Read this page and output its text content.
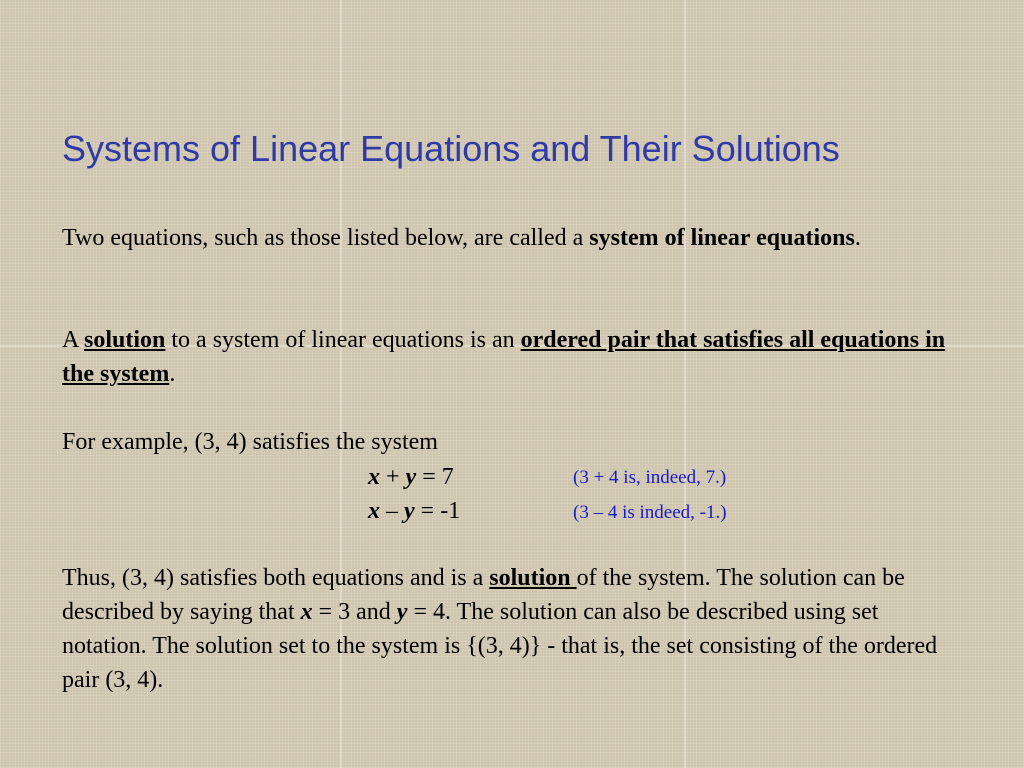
Systems of Linear Equations and Their Solutions

Two equations, such as those listed below, are called a system of linear equations.

A solution to a system of linear equations is an ordered pair that satisfies all equations in the system.

For example, (3, 4) satisfies the system

x + y = 7	(3 + 4 is, indeed, 7.)
x – y = -1	(3 – 4 is indeed, -1.)

Thus, (3, 4) satisfies both equations and is a solution of the system. The solution can be described by saying that x = 3 and y = 4. The solution can also be described using set notation. The solution set to the system is {(3, 4)} - that is, the set consisting of the ordered pair (3, 4).
